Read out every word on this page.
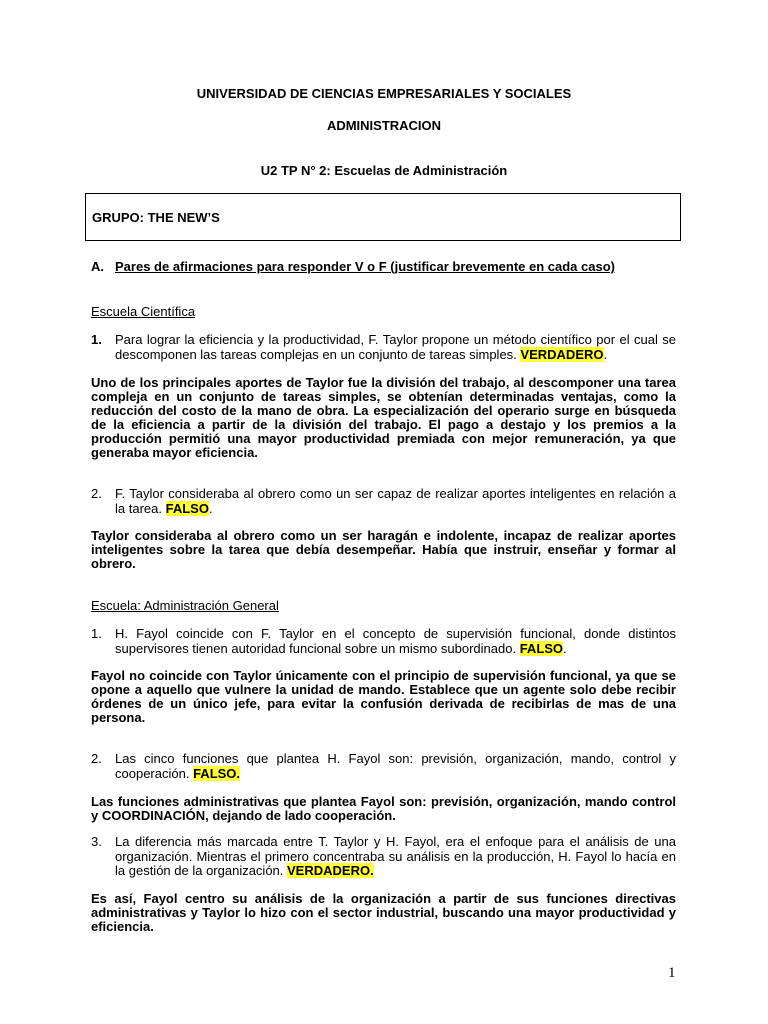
UNIVERSIDAD DE CIENCIAS EMPRESARIALES Y SOCIALES
ADMINISTRACION
U2 TP N° 2: Escuelas de Administración
GRUPO: THE NEW’S
A. Pares de afirmaciones para responder V o F (justificar brevemente en cada caso)
Escuela Científica
1. Para lograr la eficiencia y la productividad, F. Taylor propone un método científico por el cual se
descomponen las tareas complejas en un conjunto de tareas simples. VERDADERO.
Uno de los principales aportes de Taylor fue la división del trabajo, al descomponer una tarea compleja en un conjunto de tareas simples, se obtenían determinadas ventajas, como la reducción del costo de la mano de obra. La especialización del operario surge en búsqueda de la eficiencia a partir de la división del trabajo. El pago a destajo y los premios a la producción permitió una mayor productividad premiada con mejor remuneración, ya que generaba mayor eficiencia.
2. F. Taylor consideraba al obrero como un ser capaz de realizar aportes inteligentes en relación a
la tarea. FALSO.
Taylor consideraba al obrero como un ser haragán e indolente, incapaz de realizar aportes inteligentes sobre la tarea que debía desempeñar. Había que instruir, enseñar y formar al obrero.
Escuela: Administración General
1. H. Fayol coincide con F. Taylor en el concepto de supervisión funcional, donde distintos
supervisores tienen autoridad funcional sobre un mismo subordinado. FALSO.
Fayol no coincide con Taylor únicamente con el principio de supervisión funcional, ya que se opone a aquello que vulnere la unidad de mando. Establece que un agente solo debe recibir órdenes de un único jefe, para evitar la confusión derivada de recibirlas de mas de una persona.
2. Las cinco funciones que plantea H. Fayol son: previsión, organización, mando, control y
cooperación. FALSO.
Las funciones administrativas que plantea Fayol son: previsión, organización, mando control y COORDINACIÓN, dejando de lado cooperación.
3. La diferencia más marcada entre T. Taylor y H. Fayol, era el enfoque para el análisis de una
organización. Mientras el primero concentraba su análisis en la producción, H. Fayol lo hacía en
la gestión de la organización. VERDADERO.
Es así, Fayol centro su análisis de la organización a partir de sus funciones directivas administrativas y Taylor lo hizo con el sector industrial, buscando una mayor productividad y eficiencia.
1
